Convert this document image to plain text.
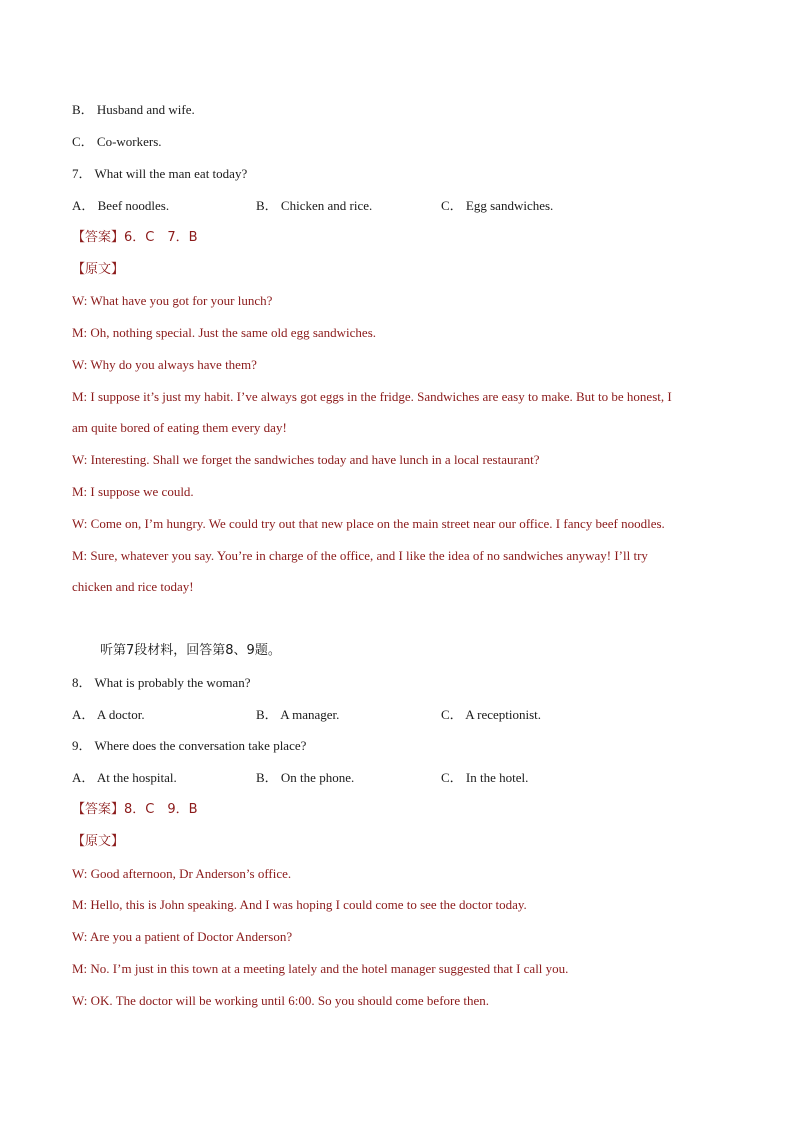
B． Husband and wife.
C． Co-workers.
7． What will the man eat today?
A． Beef noodles.	B． Chicken and rice.	C． Egg sandwiches.
【答案】6．C　7．B
【原文】
W: What have you got for your lunch?
M: Oh, nothing special. Just the same old egg sandwiches.
W: Why do you always have them?
M: I suppose it’s just my habit. I’ve always got eggs in the fridge. Sandwiches are easy to make. But to be honest, I
am quite bored of eating them every day!
W: Interesting. Shall we forget the sandwiches today and have lunch in a local restaurant?
M: I suppose we could.
W: Come on, I’m hungry. We could try out that new place on the main street near our office. I fancy beef noodles.
M: Sure, whatever you say. You’re in charge of the office, and I like the idea of no sandwiches anyway! I’ll try
chicken and rice today!
听第7段材料，回答第8、9题。
8． What is probably the woman?
A． A doctor.	B． A manager.	C． A receptionist.
9． Where does the conversation take place?
A． At the hospital.	B． On the phone.	C． In the hotel.
【答案】8．C　9．B
【原文】
W: Good afternoon, Dr Anderson’s office.
M: Hello, this is John speaking. And I was hoping I could come to see the doctor today.
W: Are you a patient of Doctor Anderson?
M: No. I’m just in this town at a meeting lately and the hotel manager suggested that I call you.
W: OK. The doctor will be working until 6:00. So you should come before then.
